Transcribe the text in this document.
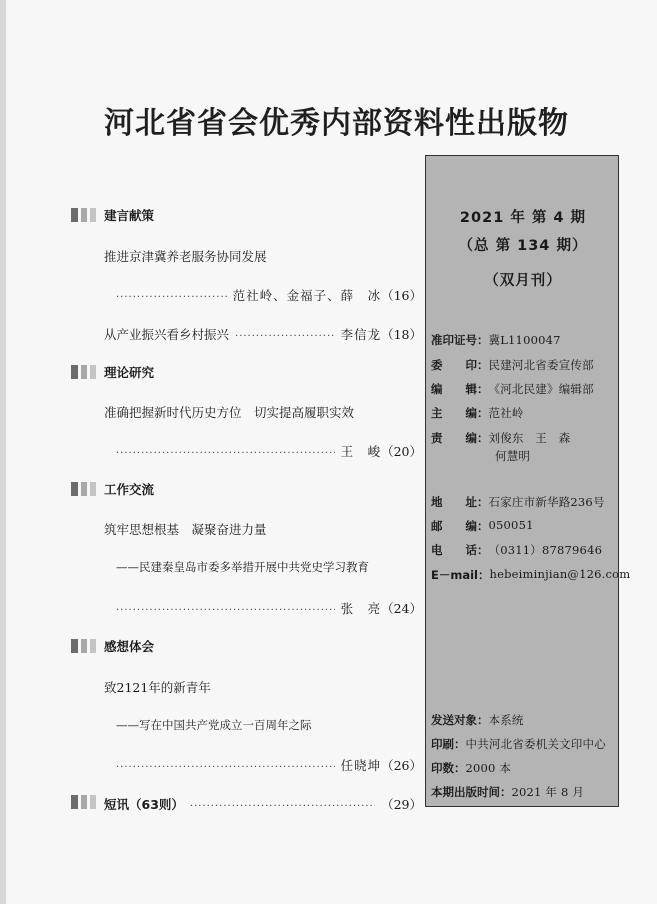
河北省省会优秀内部资料性出版物
建言献策
推进京津冀养老服务协同发展
·····
范社岭、金福子、薛　冰 （16）
从产业振兴看乡村振兴 ·····	李信龙 （18）
理论研究
准确把握新时代历史方位　切实提高履职实效
·····
王　峻 （20）
工作交流
筑牢思想根基　凝聚奋进力量
——民建秦皇岛市委多举措开展中共党史学习教育
·····
张　亮 （24）
感想体会
致2121年的新青年
——写在中国共产党成立一百周年之际
·····
任晓坤 （26）
短讯（63则） ·····	（29）
2021 年 第 4 期
（总 第 134 期）
（双月刊）
准印证号： 冀L1100047
委　　印： 民建河北省委宣传部
编　　辑： 《河北民建》编辑部
主　　编： 范社岭
责　　编： 刘俊东　王　森
何慧明
地　　址： 石家庄市新华路236号
邮　　编： 050051
电　　话： （0311）87879646
E－mail： hebeiminjian@126.com
发送对象： 本系统
印刷： 中共河北省委机关文印中心
印数： 2000 本
本期出版时间： 2021 年 8 月
